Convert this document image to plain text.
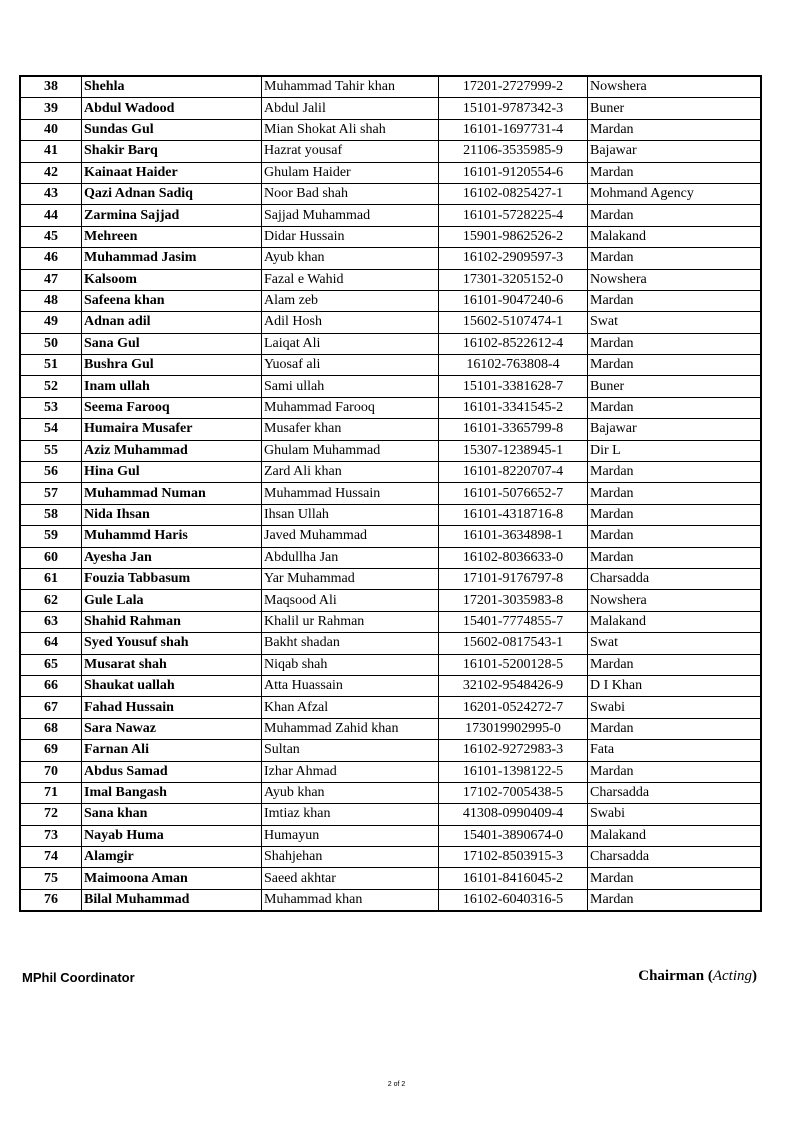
38	Shehla	Muhammad Tahir khan	17201-2727999-2	Nowshera
39	Abdul Wadood	Abdul Jalil	15101-9787342-3	Buner
40	Sundas Gul	Mian Shokat Ali shah	16101-1697731-4	Mardan
41	Shakir Barq	Hazrat yousaf	21106-3535985-9	Bajawar
42	Kainaat Haider	Ghulam Haider	16101-9120554-6	Mardan
43	Qazi Adnan Sadiq	Noor Bad shah	16102-0825427-1	Mohmand Agency
44	Zarmina Sajjad	Sajjad Muhammad	16101-5728225-4	Mardan
45	Mehreen	Didar Hussain	15901-9862526-2	Malakand
46	Muhammad Jasim	Ayub khan	16102-2909597-3	Mardan
47	Kalsoom	Fazal e Wahid	17301-3205152-0	Nowshera
48	Safeena khan	Alam zeb	16101-9047240-6	Mardan
49	Adnan adil	Adil Hosh	15602-5107474-1	Swat
50	Sana Gul	Laiqat Ali	16102-8522612-4	Mardan
51	Bushra Gul	Yuosaf ali	16102-763808-4	Mardan
52	Inam ullah	Sami ullah	15101-3381628-7	Buner
53	Seema Farooq	Muhammad Farooq	16101-3341545-2	Mardan
54	Humaira Musafer	Musafer khan	16101-3365799-8	Bajawar
55	Aziz Muhammad	Ghulam Muhammad	15307-1238945-1	Dir L
56	Hina Gul	Zard Ali khan	16101-8220707-4	Mardan
57	Muhammad Numan	Muhammad Hussain	16101-5076652-7	Mardan
58	Nida Ihsan	Ihsan Ullah	16101-4318716-8	Mardan
59	Muhammd Haris	Javed Muhammad	16101-3634898-1	Mardan
60	Ayesha Jan	Abdullha Jan	16102-8036633-0	Mardan
61	Fouzia Tabbasum	Yar Muhammad	17101-9176797-8	Charsadda
62	Gule Lala	Maqsood Ali	17201-3035983-8	Nowshera
63	Shahid Rahman	Khalil ur Rahman	15401-7774855-7	Malakand
64	Syed Yousuf shah	Bakht shadan	15602-0817543-1	Swat
65	Musarat shah	Niqab shah	16101-5200128-5	Mardan
66	Shaukat uallah	Atta Huassain	32102-9548426-9	D I Khan
67	Fahad Hussain	Khan Afzal	16201-0524272-7	Swabi
68	Sara Nawaz	Muhammad Zahid khan	173019902995-0	Mardan
69	Farnan Ali	Sultan	16102-9272983-3	Fata
70	Abdus Samad	Izhar Ahmad	16101-1398122-5	Mardan
71	Imal Bangash	Ayub khan	17102-7005438-5	Charsadda
72	Sana khan	Imtiaz khan	41308-0990409-4	Swabi
73	Nayab Huma	Humayun	15401-3890674-0	Malakand
74	Alamgir	Shahjehan	17102-8503915-3	Charsadda
75	Maimoona Aman	Saeed akhtar	16101-8416045-2	Mardan
76	Bilal Muhammad	Muhammad khan	16102-6040316-5	Mardan
MPhil Coordinator	Chairman (Acting)
2 of 2
